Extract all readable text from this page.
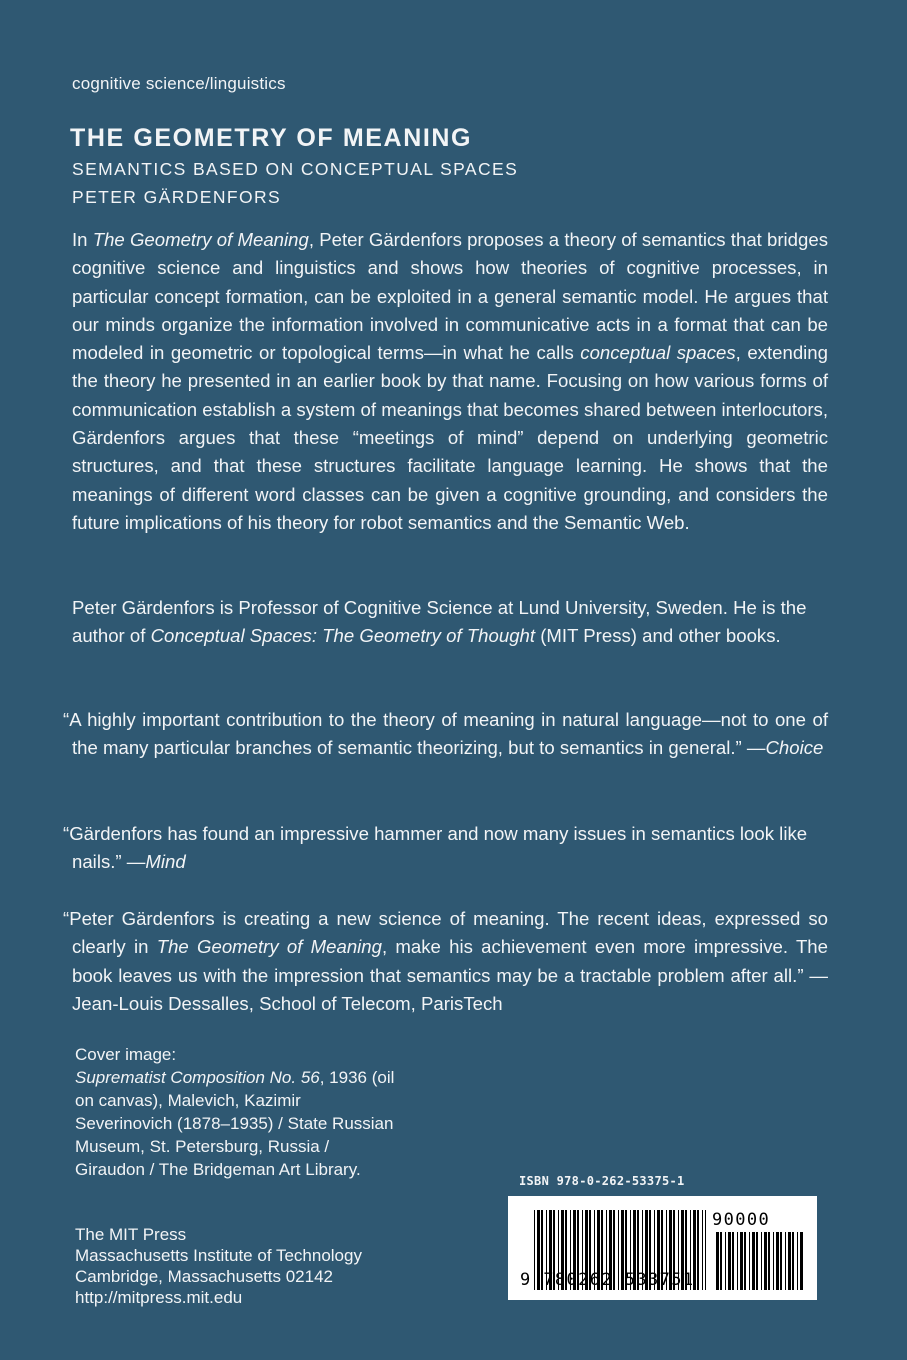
cognitive science/linguistics
THE GEOMETRY OF MEANING
SEMANTICS BASED ON CONCEPTUAL SPACES
PETER GÄRDENFORS

In The Geometry of Meaning, Peter Gärdenfors proposes a theory of semantics that bridges cognitive science and linguistics and shows how theories of cognitive processes, in particular concept formation, can be exploited in a general semantic model. He argues that our minds organize the information involved in communicative acts in a format that can be modeled in geometric or topological terms—in what he calls conceptual spaces, extending the theory he presented in an earlier book by that name. Focusing on how various forms of communication establish a system of meanings that becomes shared between interlocutors, Gärdenfors argues that these “meetings of mind” depend on underlying geometric structures, and that these structures facilitate language learning. He shows that the meanings of different word classes can be given a cognitive grounding, and considers the future implications of his theory for robot semantics and the Semantic Web.

Peter Gärdenfors is Professor of Cognitive Science at Lund University, Sweden. He is the author of Conceptual Spaces: The Geometry of Thought (MIT Press) and other books.

“A highly important contribution to the theory of meaning in natural language—not to one of the many particular branches of semantic theorizing, but to semantics in general.” —Choice

“Gärdenfors has found an impressive hammer and now many issues in semantics look like nails.” —Mind

“Peter Gärdenfors is creating a new science of meaning. The recent ideas, expressed so clearly in The Geometry of Meaning, make his achievement even more impressive. The book leaves us with the impression that semantics may be a tractable problem after all.” —Jean-Louis Dessalles, School of Telecom, ParisTech

Cover image:
Suprematist Composition No. 56, 1936 (oil on canvas), Malevich, Kazimir Severinovich (1878–1935) / State Russian Museum, St. Petersburg, Russia / Giraudon / The Bridgeman Art Library.
The MIT Press
Massachusetts Institute of Technology
Cambridge, Massachusetts 02142
http://mitpress.mit.edu
ISBN 978-0-262-53375-1
9 780262 533751
90000
